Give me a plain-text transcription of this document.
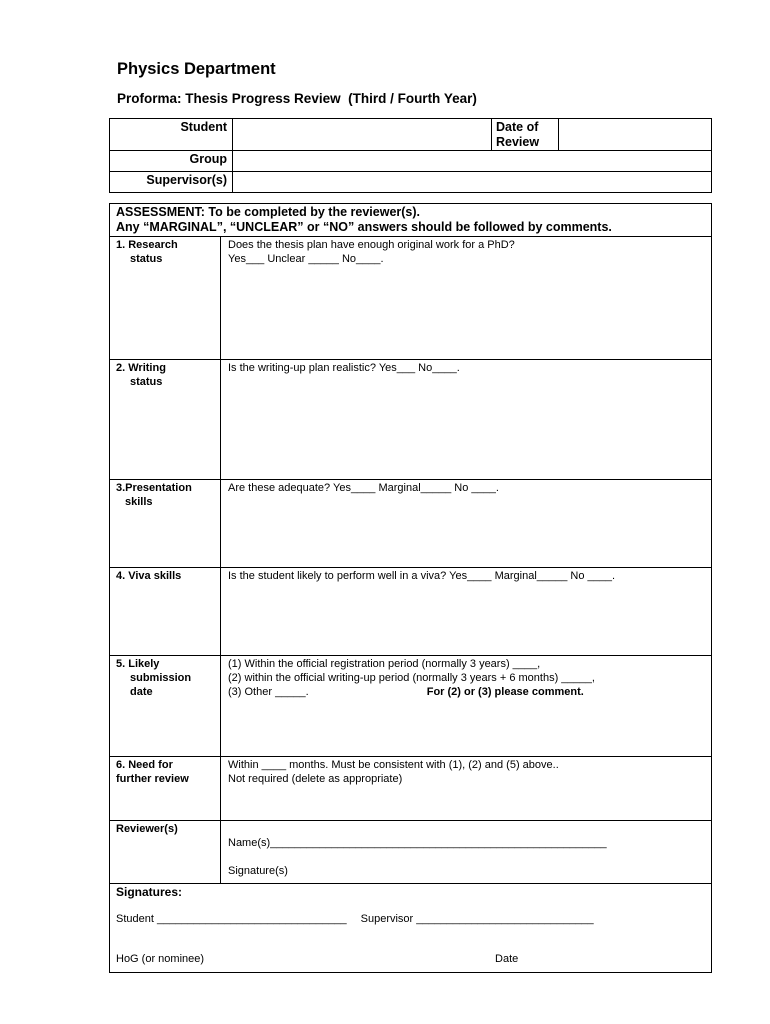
Physics Department
Proforma: Thesis Progress Review  (Third / Fourth Year)
Student		Date of
Review	

Group			
Supervisor(s)			
ASSESSMENT: To be completed by the reviewer(s).
Any “MARGINAL”, “UNCLEAR” or “NO” answers should be followed by comments.	

1. Research
status	Does the thesis plan have enough original work for a PhD?
Yes___ Unclear _____ No____.

2. Writing
status	Is the writing-up plan realistic? Yes___ No____.

3.Presentation
skills	Are these adequate? Yes____ Marginal_____ No ____.

4. Viva skills	Is the student likely to perform well in a viva? Yes____ Marginal_____ No ____.

5. Likely
submission
date	(1) Within the official registration period (normally 3 years) ____,
(2) within the official writing-up period (normally 3 years + 6 months) _____,
(3) Other _____. For (2) or (3) please comment.

6. Need for
further review	Within ____ months. Must be consistent with (1), (2) and (5) above..
Not required (delete as appropriate)

Reviewer(s)	Name(s)_______________________________________________________
Signature(s)

Signatures:
Student _______________________________ Supervisor _____________________________
HoG (or nominee) Date	
